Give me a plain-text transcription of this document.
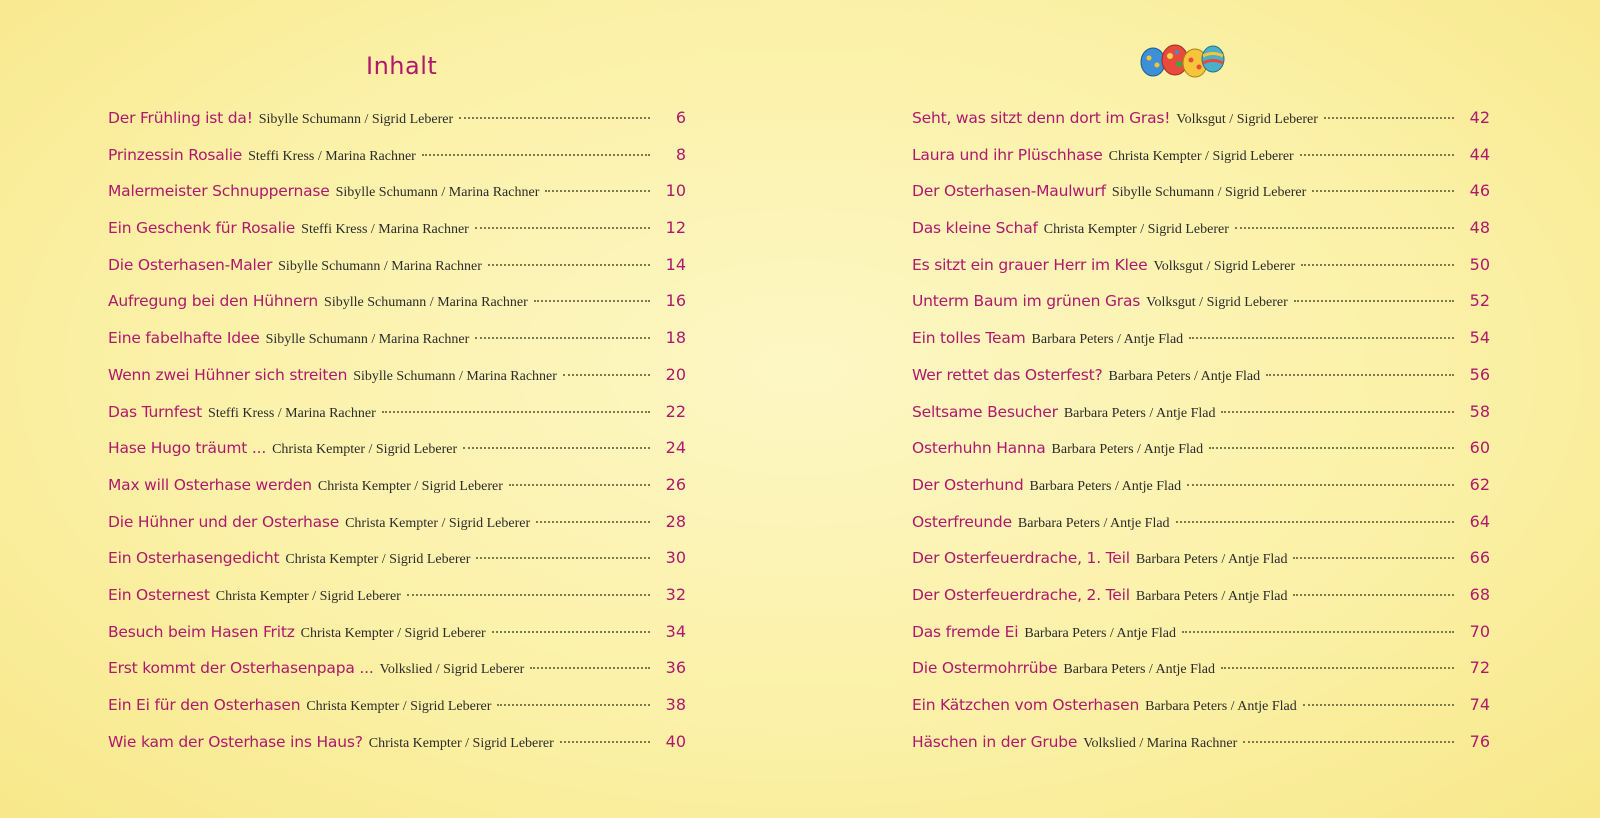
Inhalt
Der Frühling ist da! Sibylle Schumann / Sigrid Leberer	6
Prinzessin Rosalie Steffi Kress / Marina Rachner	8
Malermeister Schnuppernase Sibylle Schumann / Marina Rachner	10
Ein Geschenk für Rosalie Steffi Kress / Marina Rachner	12
Die Osterhasen-Maler Sibylle Schumann / Marina Rachner	14
Aufregung bei den Hühnern Sibylle Schumann / Marina Rachner	16
Eine fabelhafte Idee Sibylle Schumann / Marina Rachner	18
Wenn zwei Hühner sich streiten Sibylle Schumann / Marina Rachner	20
Das Turnfest Steffi Kress / Marina Rachner	22
Hase Hugo träumt ... Christa Kempter / Sigrid Leberer	24
Max will Osterhase werden Christa Kempter / Sigrid Leberer	26
Die Hühner und der Osterhase Christa Kempter / Sigrid Leberer	28
Ein Osterhasengedicht Christa Kempter / Sigrid Leberer	30
Ein Osternest Christa Kempter / Sigrid Leberer	32
Besuch beim Hasen Fritz Christa Kempter / Sigrid Leberer	34
Erst kommt der Osterhasenpapa ... Volkslied / Sigrid Leberer	36
Ein Ei für den Osterhasen Christa Kempter / Sigrid Leberer	38
Wie kam der Osterhase ins Haus? Christa Kempter / Sigrid Leberer	40
Seht, was sitzt denn dort im Gras! Volksgut / Sigrid Leberer	42
Laura und ihr Plüschhase Christa Kempter / Sigrid Leberer	44
Der Osterhasen-Maulwurf Sibylle Schumann / Sigrid Leberer	46
Das kleine Schaf Christa Kempter / Sigrid Leberer	48
Es sitzt ein grauer Herr im Klee Volksgut / Sigrid Leberer	50
Unterm Baum im grünen Gras Volksgut / Sigrid Leberer	52
Ein tolles Team Barbara Peters / Antje Flad	54
Wer rettet das Osterfest? Barbara Peters / Antje Flad	56
Seltsame Besucher Barbara Peters / Antje Flad	58
Osterhuhn Hanna Barbara Peters / Antje Flad	60
Der Osterhund Barbara Peters / Antje Flad	62
Osterfreunde Barbara Peters / Antje Flad	64
Der Osterfeuerdrache, 1. Teil Barbara Peters / Antje Flad	66
Der Osterfeuerdrache, 2. Teil Barbara Peters / Antje Flad	68
Das fremde Ei Barbara Peters / Antje Flad	70
Die Ostermohrrübe Barbara Peters / Antje Flad	72
Ein Kätzchen vom Osterhasen Barbara Peters / Antje Flad	74
Häschen in der Grube Volkslied / Marina Rachner	76
